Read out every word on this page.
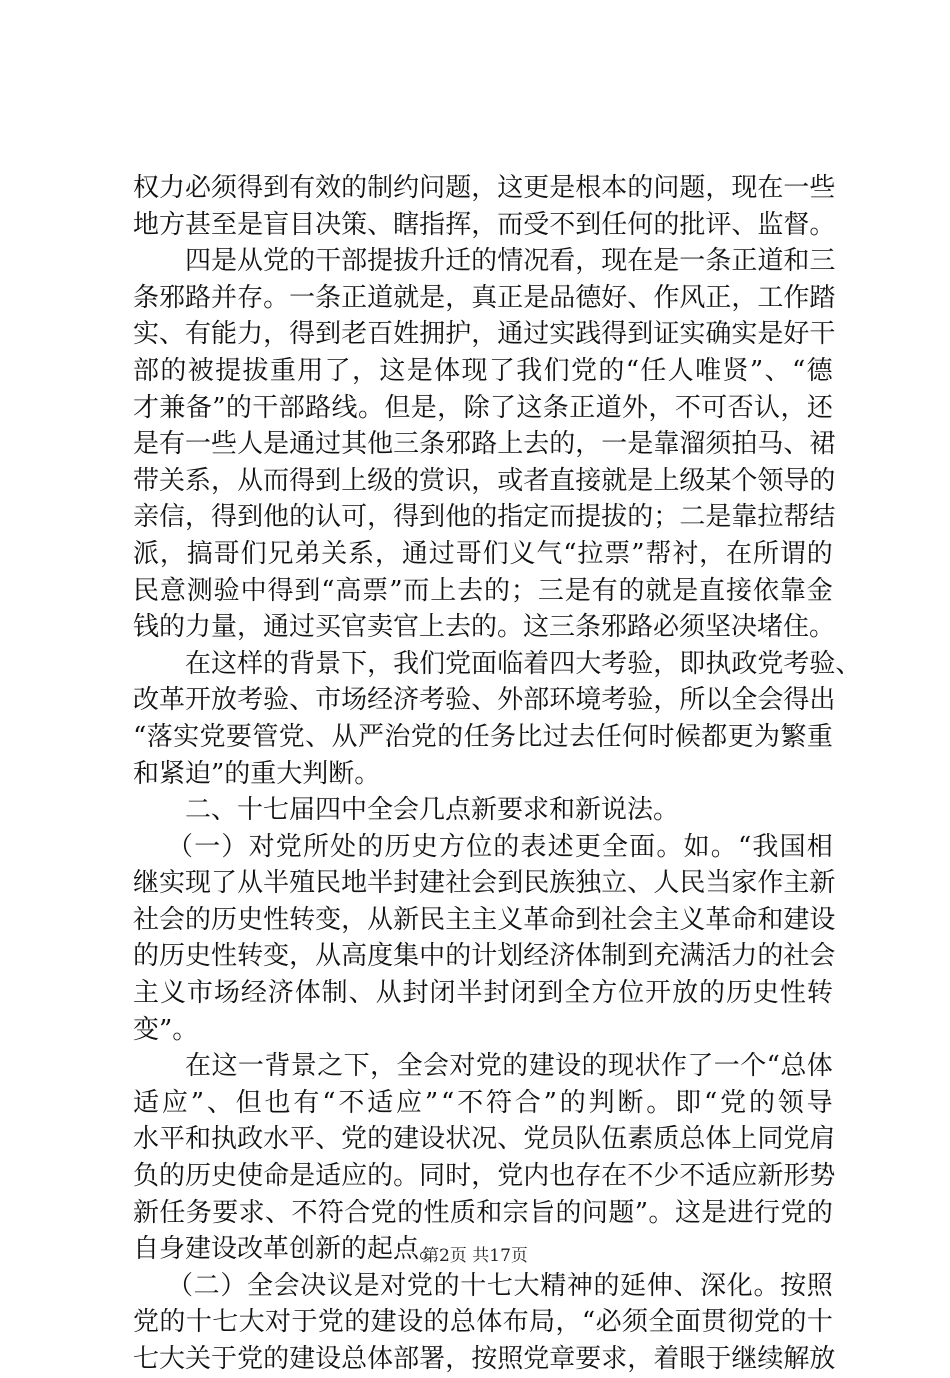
权 力 必 须 得 到 有 效 的 制 约 问 题 ， 这 更 是 根 本 的 问 题 ， 现 在 一 些
地 方 甚 至 是 盲 目 决 策 、 瞎 指 挥 ， 而 受 不 到 任 何 的 批 评 、 监 督 。
四 是 从 党 的 干 部 提 拔 升 迁 的 情 况 看 ， 现 在 是 一 条 正 道 和 三
条 邪 路 并 存 。 一 条 正 道 就 是 ， 真 正 是 品 德 好 、 作 风 正 ， 工 作 踏
实 、 有 能 力 ， 得 到 老 百 姓 拥 护 ， 通 过 实 践 得 到 证 实 确 实 是 好 干
部 的 被 提 拔 重 用 了 ， 这 是 体 现 了 我 们 党 的 “ 任 人 唯 贤 ” 、 “ 德
才 兼 备 ” 的 干 部 路 线 。 但 是 ， 除 了 这 条 正 道 外 ， 不 可 否 认 ， 还
是 有 一 些 人 是 通 过 其 他 三 条 邪 路 上 去 的 ， 一 是 靠 溜 须 拍 马 、 裙
带 关 系 ， 从 而 得 到 上 级 的 赏 识 ， 或 者 直 接 就 是 上 级 某 个 领 导 的
亲 信 ， 得 到 他 的 认 可 ， 得 到 他 的 指 定 而 提 拔 的 ； 二 是 靠 拉 帮 结
派 ， 搞 哥 们 兄 弟 关 系 ， 通 过 哥 们 义 气 “ 拉 票 ” 帮 衬 ， 在 所 谓 的
民 意 测 验 中 得 到 “ 高 票 ” 而 上 去 的 ； 三 是 有 的 就 是 直 接 依 靠 金
钱的力量，通过买官卖官上去的。这三条邪路必须坚决堵住。
在 这 样 的 背 景 下 ， 我 们 党 面 临 着 四 大 考 验 ， 即 执 政 党 考 验 、
改 革 开 放 考 验 、 市 场 经 济 考 验 、 外 部 环 境 考 验 ， 所 以 全 会 得 出
“ 落 实 党 要 管 党 、 从 严 治 党 的 任 务 比 过 去 任 何 时 候 都 更 为 繁 重
和紧迫”的重大判断。
二、十七届四中全会几点新要求和新说法。
（ 一 ） 对 党 所 处 的 历 史 方 位 的 表 述 更 全 面 。 如 。 “ 我 国 相
继 实 现 了 从 半 殖 民 地 半 封 建 社 会 到 民 族 独 立 、 人 民 当 家 作 主 新
社 会 的 历 史 性 转 变 ， 从 新 民 主 主 义 革 命 到 社 会 主 义 革 命 和 建 设
的 历 史 性 转 变 ， 从 高 度 集 中 的 计 划 经 济 体 制 到 充 满 活 力 的 社 会
主 义 市 场 经 济 体 制 、 从 封 闭 半 封 闭 到 全 方 位 开 放 的 历 史 性 转
变”。
在 这 一 背 景 之 下 ， 全 会 对 党 的 建 设 的 现 状 作 了 一 个 “ 总 体
适 应 ” 、 但 也 有 “ 不 适 应 ” “ 不 符 合 ” 的 判 断 。 即 “ 党 的 领 导
水 平 和 执 政 水 平 、 党 的 建 设 状 况 、 党 员 队 伍 素 质 总 体 上 同 党 肩
负 的 历 史 使 命 是 适 应 的 。 同 时 ， 党 内 也 存 在 不 少 不 适 应 新 形 势
新 任 务 要 求 、 不 符 合 党 的 性 质 和 宗 旨 的 问 题 ” 。 这 是 进 行 党 的
自身建设改革创新的起点。
（ 二 ） 全 会 决 议 是 对 党 的 十 七 大 精 神 的 延 伸 、 深 化 。 按 照
党 的 十 七 大 对 于 党 的 建 设 的 总 体 布 局 ， “ 必 须 全 面 贯 彻 党 的 十
七 大 关 于 党 的 建 设 总 体 部 署 ， 按 照 党 章 要 求 ， 着 眼 于 继 续 解 放
第2页 共17页
